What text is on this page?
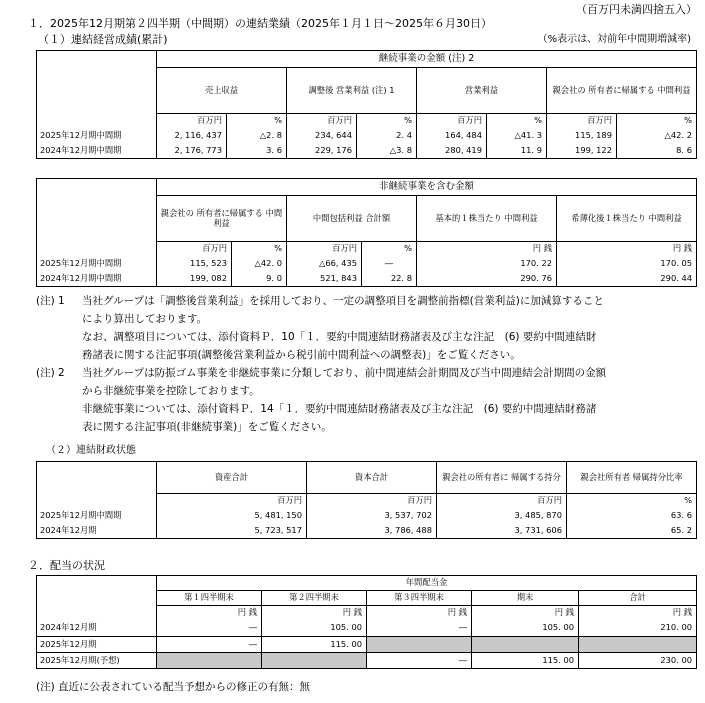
（百万円未満四捨五入）
１．2025年12月期第２四半期（中間期）の連結業績（2025年１月１日～2025年６月30日）
（１）連結経営成績(累計)	（%表示は、対前年中間期増減率)
	継続事業の金額 (注) 2							
	売上収益		調整後 営業利益 (注) 1		営業利益		親会社の 所有者に帰属する 中間利益	
	百万円	%	百万円	%	百万円	%	百万円	%
2025年12月期中間期	2, 116, 437	△2. 8	234, 644	2. 4	164, 484	△41. 3	115, 189	△42. 2
2024年12月期中間期	2, 176, 773	3. 6	229, 176	△3. 8	280, 419	11. 9	199, 122	8. 6
	非継続事業を含む金額					
	親会社の 所有者に帰属する 中間利益		中間包括利益 合計額		基本的１株当たり 中間利益	希薄化後１株当たり 中間利益
	百万円	%	百万円	%	円 銭	円 銭
2025年12月期中間期	115, 523	△42. 0	△66, 435	―	170. 22	170. 05
2024年12月期中間期	199, 082	9. 0	521, 843	22. 8	290. 76	290. 44
(注) 1 当社グループは「調整後営業利益」を採用しており、一定の調整項目を調整前指標(営業利益)に加減算すること
により算出しております。
なお、調整項目については、添付資料Ｐ．10「１．要約中間連結財務諸表及び主な注記　(6) 要約中間連結財
務諸表に関する注記事項(調整後営業利益から税引前中間利益への調整表)」をご覧ください。
(注) 2 当社グループは防振ゴム事業を非継続事業に分類しており、前中間連結会計期間及び当中間連結会計期間の金額
から非継続事業を控除しております。
非継続事業については、添付資料Ｐ．14「１．要約中間連結財務諸表及び主な注記　(6) 要約中間連結財務諸
表に関する注記事項(非継続事業)」をご覧ください。
（２）連結財政状態
	資産合計	資本合計	親会社の所有者に 帰属する持分	親会社所有者 帰属持分比率
	百万円	百万円	百万円	%
2025年12月期中間期	5, 481, 150	3, 537, 702	3, 485, 870	63. 6
2024年12月期	5, 723, 517	3, 786, 488	3, 731, 606	65. 2
２．配当の状況
	年間配当金				
	第１四半期末	第２四半期末	第３四半期末	期末	合計
	円 銭	円 銭	円 銭	円 銭	円 銭
2024年12月期	―	105. 00	―	105. 00	210. 00
2025年12月期	―	115. 00			
2025年12月期(予想)			―	115. 00	230. 00
(注) 直近に公表されている配当予想からの修正の有無：無
